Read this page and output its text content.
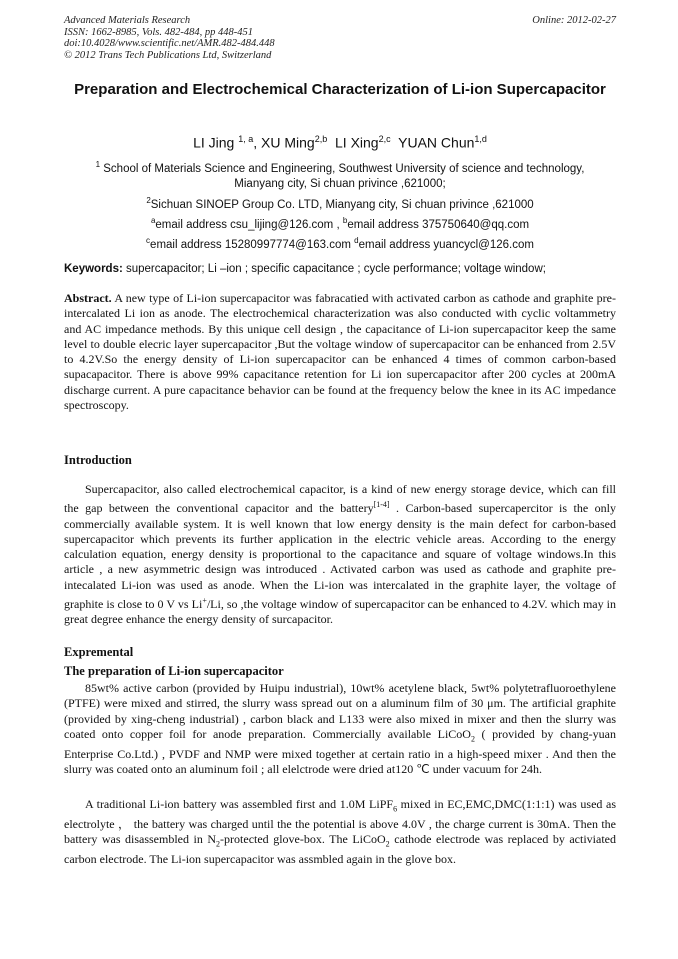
Advanced Materials Research
ISSN: 1662-8985, Vols. 482-484, pp 448-451
doi:10.4028/www.scientific.net/AMR.482-484.448
© 2012 Trans Tech Publications Ltd, Switzerland
Online: 2012-02-27
Preparation and Electrochemical Characterization of Li-ion Supercapacitor
LI Jing $^{1, a}$, XU Ming$^{2,b}$ LI Xing$^{2,c}$ YUAN Chun$^{1,d}$
$^1$ School of Materials Science and Engineering, Southwest University of science and technology,
Mianyang city, Si chuan privince ,621000;
$^2$Sichuan SINOEP Group Co. LTD, Mianyang city, Si chuan privince ,621000
$^a$email address csu_lijing@126.com , $^b$email address 375750640@qq.com
$^c$email address 15280997774@163.com $^d$email address yuancycl@126.com
Keywords: supercapacitor; Li –ion ; specific capacitance ; cycle performance; voltage window;
Abstract. A new type of Li-ion supercapacitor was fabracatied with activated carbon as cathode and graphite pre-intercalated Li ion as anode. The electrochemical characterization was also conducted with cyclic voltammetry and AC impedance methods. By this unique cell design , the capacitance of Li-ion supercapacitor keep the same level to double elecric layer supercapacitor ,But the voltage window of supercapacitor can be enhanced from 2.5V to 4.2V.So the energy density of Li-ion supercapacitor can be enhanced 4 times of common carbon-based supacapacitor. There is above 99% capacitance retention for Li ion supercapacitor after 200 cycles at 200mA discharge current. A pure capacitance behavior can be found at the frequency below the knee in its AC impedance spectroscopy.
Introduction
Supercapacitor, also called electrochemical capacitor, is a kind of new energy storage device, which can fill the gap between the conventional capacitor and the battery[1-4] . Carbon-based supercapercitor is the only commercially available system. It is well known that low energy density is the main defect for carbon-based supercapacitor which prevents its further application in the electric vehicle areas. According to the energy calculation equation, energy density is proportional to the capacitance and square of voltage windows.In this article , a new asymmetric design was introduced . Activated carbon was used as cathode and graphite pre-intecalated Li-ion was used as anode. When the Li-ion was intercalated in the graphite layer, the voltage of graphite is close to 0 V vs Li+/Li, so ,the voltage window of supercapacitor can be enhanced to 4.2V. which may in great degree enhance the energy density of surcapacitor.
Expremental
The preparation of Li-ion supercapacitor
85wt% active carbon (provided by Huipu industrial), 10wt% acetylene black, 5wt% polytetrafluoroethylene (PTFE) were mixed and stirred, the slurry wass spread out on a aluminum film of 30 μm. The artificial graphite (provided by xing-cheng industrial) , carbon black and L133 were also mixed in mixer and then the slurry was coated onto copper foil for anode preparation. Commercially available LiCoO$_2$ ( provided by chang-yuan Enterprise Co.Ltd.) , PVDF and NMP were mixed together at certain ratio in a high-speed mixer . And then the slurry was coated onto an aluminum foil ; all elelctrode were dried at120 ℃ under vacuum for 24h.
A traditional Li-ion battery was assembled first and 1.0M LiPF$_6$ mixed in EC,EMC,DMC(1:1:1) was used as electrolyte ， the battery was charged until the the potential is above 4.0V , the charge current is 30mA. Then the battery was disassembled in $N_2$-protected glove-box. The LiCoO$_2$ cathode electrode was replaced by activiated carbon electrode. The Li-ion supercapacitor was assmbled again in the glove box.
